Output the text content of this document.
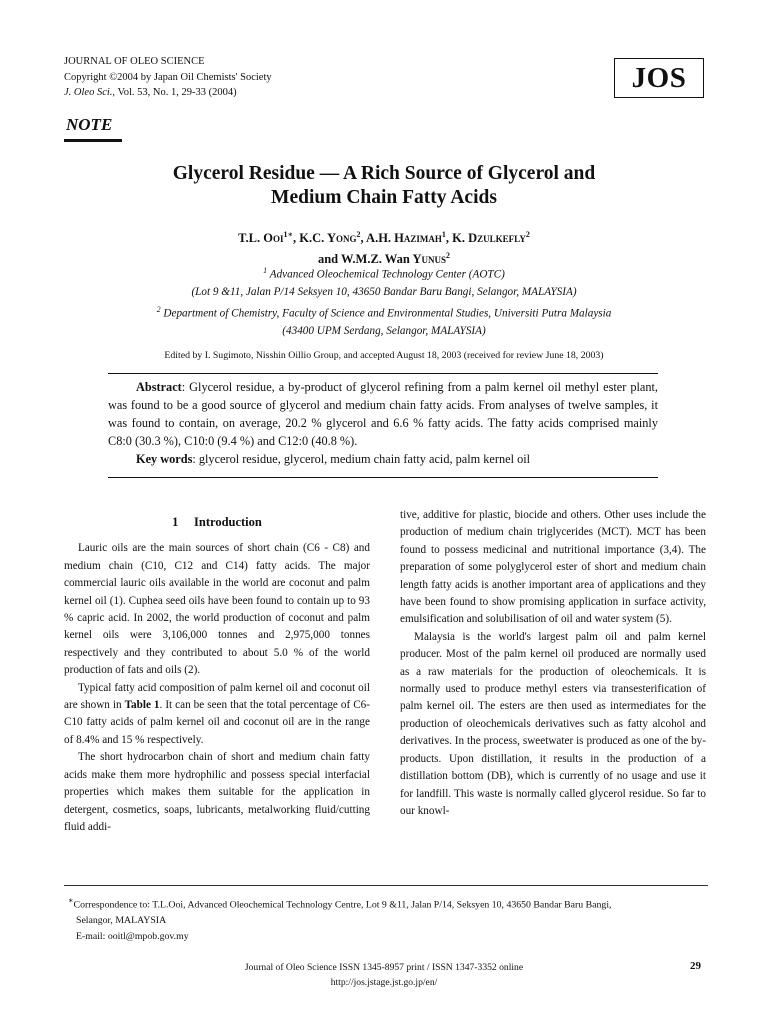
JOURNAL OF OLEO SCIENCE
Copyright ©2004 by Japan Oil Chemists' Society
J. Oleo Sci., Vol. 53, No. 1, 29-33 (2004)	JOS
NOTE
Glycerol Residue — A Rich Source of Glycerol and
Medium Chain Fatty Acids
T.L. Ooi$^{1∗}$, K.C. Yong$^2$, A.H. Hazimah$^1$, K. Dzulkefly$^2$
and W.M.Z. Wan Yunus$^2$
$^1$ Advanced Oleochemical Technology Center (AOTC)
(Lot 9 &11, Jalan P/14 Seksyen 10, 43650 Bandar Baru Bangi, Selangor, MALAYSIA)
$^2$ Department of Chemistry, Faculty of Science and Environmental Studies, Universiti Putra Malaysia
(43400 UPM Serdang, Selangor, MALAYSIA)
Edited by I. Sugimoto, Nisshin Oillio Group, and accepted August 18, 2003 (received for review June 18, 2003)

Abstract: Glycerol residue, a by-product of glycerol refining from a palm kernel oil methyl ester plant, was found to be a good source of glycerol and medium chain fatty acids. From analyses of twelve samples, it was found to contain, on average, 20.2 % glycerol and 6.6 % fatty acids. The fatty acids comprised mainly C8:0 (30.3 %), C10:0 (9.4 %) and C12:0 (40.8 %).

Key words: glycerol residue, glycerol, medium chain fatty acid, palm kernel oil
1  Introduction

Lauric oils are the main sources of short chain (C6 - C8) and medium chain (C10, C12 and C14) fatty acids. The major commercial lauric oils available in the world are coconut and palm kernel oil (1). Cuphea seed oils have been found to contain up to 93 % capric acid. In 2002, the world production of coconut and palm kernel oils were 3,106,000 tonnes and 2,975,000 tonnes respectively and they contributed to about 5.0 % of the world production of fats and oils (2).

Typical fatty acid composition of palm kernel oil and coconut oil are shown in Table 1. It can be seen that the total percentage of C6-C10 fatty acids of palm kernel oil and coconut oil are in the range of 8.4% and 15 % respectively.

The short hydrocarbon chain of short and medium chain fatty acids make them more hydrophilic and possess special interfacial properties which makes them suitable for the application in detergent, cosmetics, soaps, lubricants, metalworking fluid/cutting fluid addi-

tive, additive for plastic, biocide and others. Other uses include the production of medium chain triglycerides (MCT). MCT has been found to possess medicinal and nutritional importance (3,4). The preparation of some polyglycerol ester of short and medium chain length fatty acids is another important area of applications and they have been found to show promising application in surface activity, emulsification and solubilisation of oil and water system (5).

Malaysia is the world's largest palm oil and palm kernel producer. Most of the palm kernel oil produced are normally used as a raw materials for the production of oleochemicals. It is normally used to produce methyl esters via transesterification of palm kernel oil. The esters are then used as intermediates for the production of oleochemicals derivatives such as fatty alcohol and derivatives. In the process, sweetwater is produced as one of the by-products. Upon distillation, it results in the production of a distillation bottom (DB), which is currently of no usage and use it for landfill. This waste is normally called glycerol residue. So far to our knowl-

∗Correspondence to: T.L.Ooi, Advanced Oleochemical Technology Centre, Lot 9 &11, Jalan P/14, Seksyen 10, 43650 Bandar Baru Bangi,
Selangor, MALAYSIA
E-mail: ooitl@mpob.gov.my
Journal of Oleo Science ISSN 1345-8957 print / ISSN 1347-3352 online
http://jos.jstage.jst.go.jp/en/
29
